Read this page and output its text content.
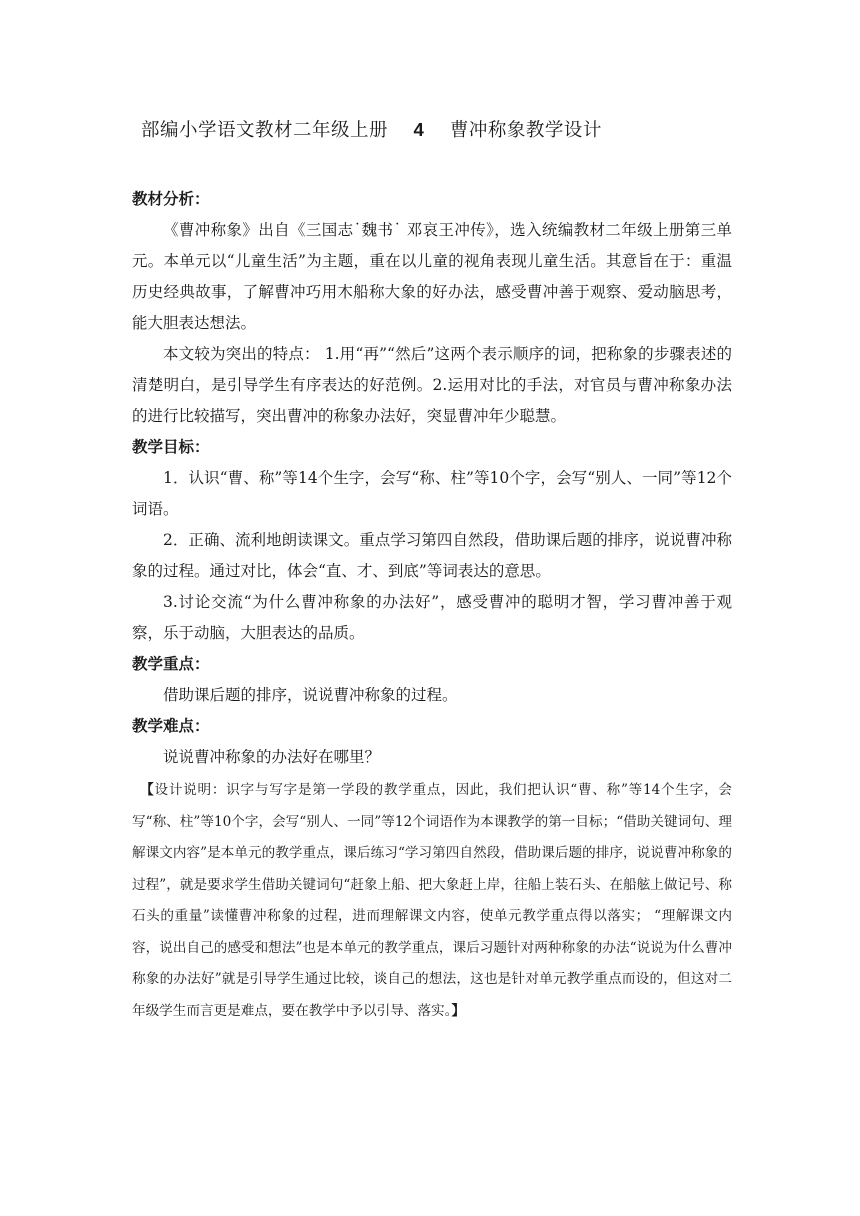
部编小学语文教材二年级上册 4 曹冲称象教学设计

教材分析：

《曹冲称象》出自《三国志˙魏书˙ 邓哀王冲传》，选入统编教材二年级上册第三单元。本单元以“儿童生活”为主题，重在以儿童的视角表现儿童生活。其意旨在于：重温历史经典故事，了解曹冲巧用木船称大象的好办法，感受曹冲善于观察、爱动脑思考，能大胆表达想法。

本文较为突出的特点： 1.用“再”“然后”这两个表示顺序的词，把称象的步骤表述的清楚明白，是引导学生有序表达的好范例。2.运用对比的手法，对官员与曹冲称象办法的进行比较描写，突出曹冲的称象办法好，突显曹冲年少聪慧。

教学目标：

1．认识“曹、称”等14个生字，会写“称、柱”等10个字，会写“别人、一同”等12个词语。

2．正确、流利地朗读课文。重点学习第四自然段，借助课后题的排序，说说曹冲称象的过程。通过对比，体会“直、才、到底”等词表达的意思。

3.讨论交流“为什么曹冲称象的办法好”，感受曹冲的聪明才智，学习曹冲善于观察，乐于动脑，大胆表达的品质。

教学重点：

借助课后题的排序，说说曹冲称象的过程。

教学难点：

说说曹冲称象的办法好在哪里？

【设计说明：识字与写字是第一学段的教学重点，因此，我们把认识“曹、称”等14个生字，会写“称、柱”等10个字，会写“别人、一同”等12个词语作为本课教学的第一目标；“借助关键词句、理解课文内容”是本单元的教学重点，课后练习“学习第四自然段，借助课后题的排序，说说曹冲称象的过程”，就是要求学生借助关键词句“赶象上船、把大象赶上岸，往船上装石头、在船舷上做记号、称石头的重量”读懂曹冲称象的过程，进而理解课文内容，使单元教学重点得以落实； “理解课文内容，说出自己的感受和想法”也是本单元的教学重点，课后习题针对两种称象的办法“说说为什么曹冲称象的办法好”就是引导学生通过比较，谈自己的想法，这也是针对单元教学重点而设的，但这对二年级学生而言更是难点，要在教学中予以引导、落实。】
